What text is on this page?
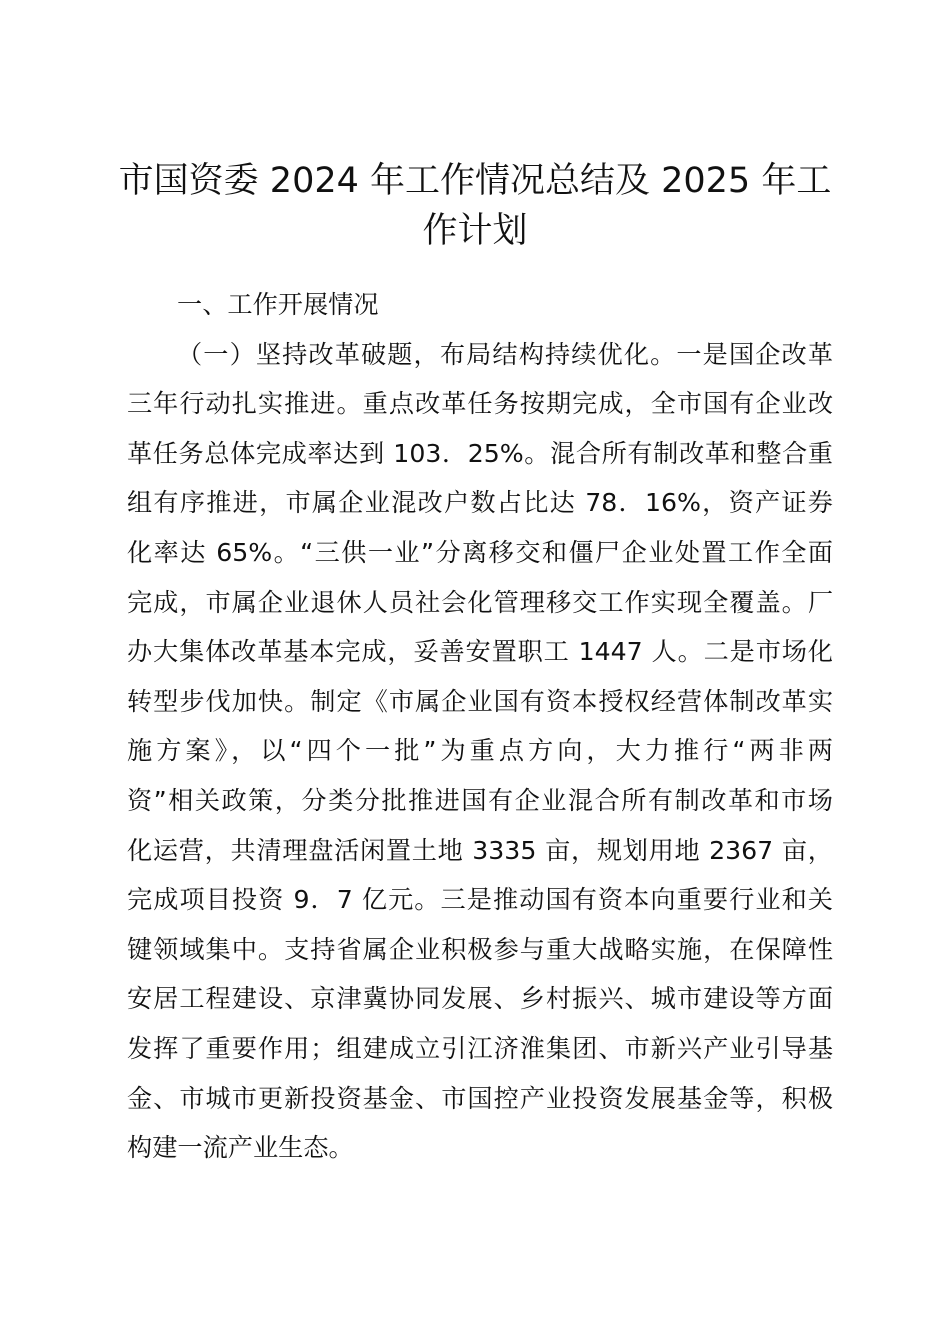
市国资委 2024 年工作情况总结及 2025 年工
作计划
一、工作开展情况
（一）坚持改革破题，布局结构持续优化。一是国企改革
三年行动扎实推进。重点改革任务按期完成，全市国有企业改
革任务总体完成率达到 103．25%。混合所有制改革和整合重
组有序推进，市属企业混改户数占比达 78．16%，资产证券
化率达 65%。“三供一业”分离移交和僵尸企业处置工作全面
完成，市属企业退休人员社会化管理移交工作实现全覆盖。厂
办大集体改革基本完成，妥善安置职工 1447 人。二是市场化
转型步伐加快。制定《市属企业国有资本授权经营体制改革实
施方案》，以“四个一批”为重点方向，大力推行“两非两
资”相关政策，分类分批推进国有企业混合所有制改革和市场
化运营，共清理盘活闲置土地 3335 亩，规划用地 2367 亩，
完成项目投资 9．7 亿元。三是推动国有资本向重要行业和关
键领域集中。支持省属企业积极参与重大战略实施，在保障性
安居工程建设、京津冀协同发展、乡村振兴、城市建设等方面
发挥了重要作用；组建成立引江济淮集团、市新兴产业引导基
金、市城市更新投资基金、市国控产业投资发展基金等，积极
构建一流产业生态。
